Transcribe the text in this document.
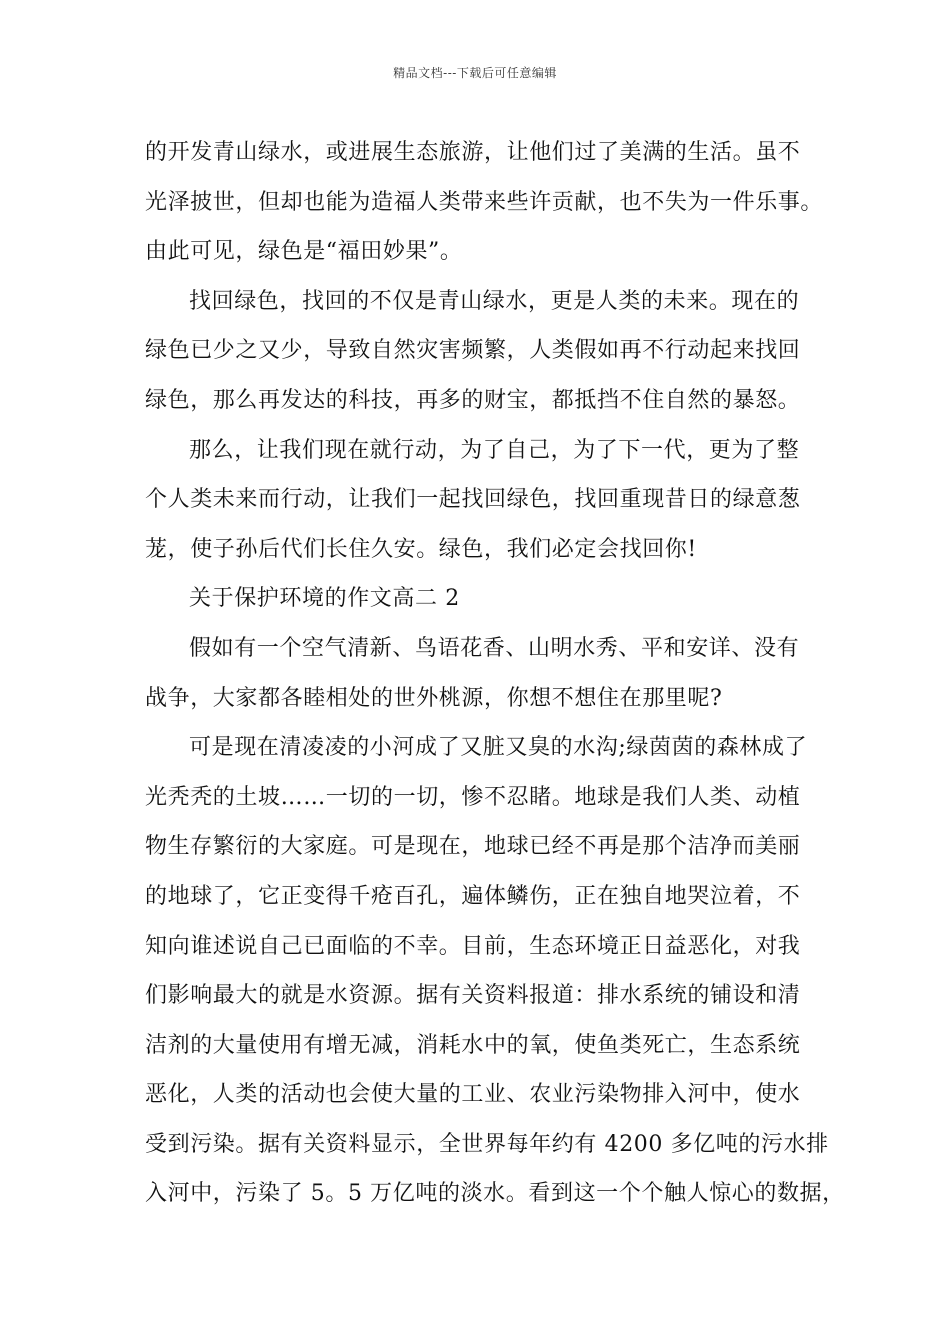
精品文档---下载后可任意编辑
的开发青山绿水，或进展生态旅游，让他们过了美满的生活。虽不
光泽披世，但却也能为造福人类带来些许贡献，也不失为一件乐事。
由此可见，绿色是“福田妙果”。
找回绿色，找回的不仅是青山绿水，更是人类的未来。现在的
绿色已少之又少，导致自然灾害频繁，人类假如再不行动起来找回
绿色，那么再发达的科技，再多的财宝，都抵挡不住自然的暴怒。
那么，让我们现在就行动，为了自己，为了下一代，更为了整
个人类未来而行动，让我们一起找回绿色，找回重现昔日的绿意葱
茏，使子孙后代们长住久安。绿色，我们必定会找回你!
关于保护环境的作文高二 2
假如有一个空气清新、鸟语花香、山明水秀、平和安详、没有
战争，大家都各睦相处的世外桃源，你想不想住在那里呢?
可是现在清凌凌的小河成了又脏又臭的水沟;绿茵茵的森林成了
光秃秃的土坡……一切的一切，惨不忍睹。地球是我们人类、动植
物生存繁衍的大家庭。可是现在，地球已经不再是那个洁净而美丽
的地球了，它正变得千疮百孔，遍体鳞伤，正在独自地哭泣着，不
知向谁述说自己已面临的不幸。目前，生态环境正日益恶化，对我
们影响最大的就是水资源。据有关资料报道：排水系统的铺设和清
洁剂的大量使用有增无减，消耗水中的氧，使鱼类死亡，生态系统
恶化，人类的活动也会使大量的工业、农业污染物排入河中，使水
受到污染。据有关资料显示，全世界每年约有 4200 多亿吨的污水排
入河中，污染了 5。5 万亿吨的淡水。看到这一个个触人惊心的数据，
